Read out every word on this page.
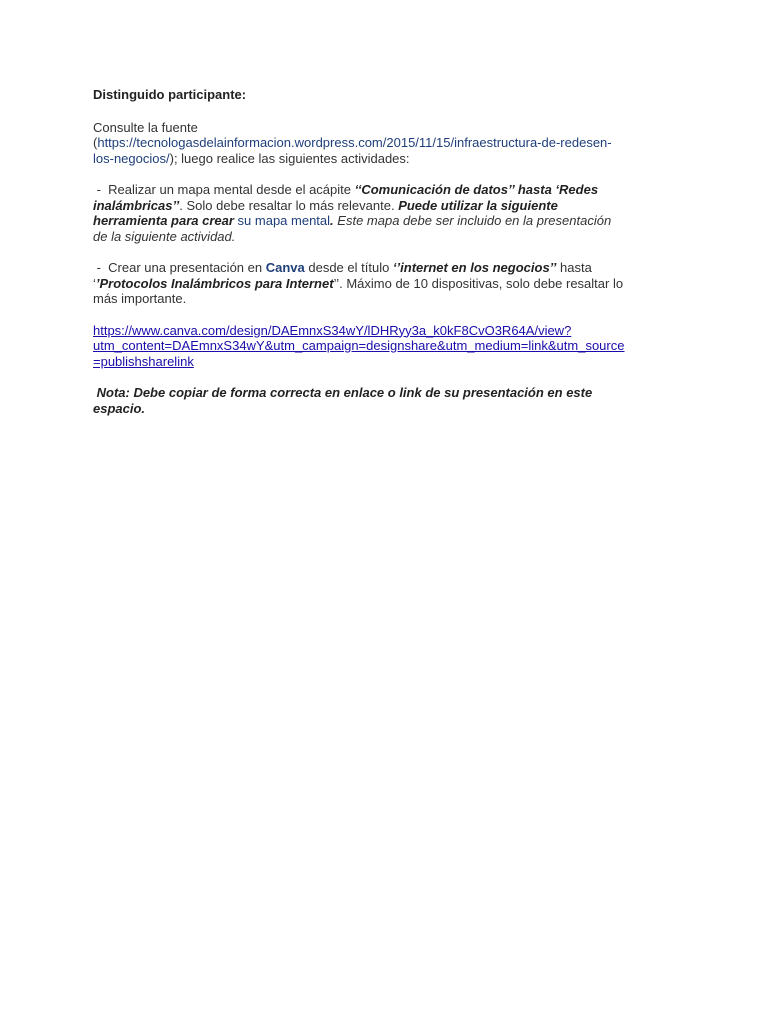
Distinguido participante:
Consulte la fuente
(https://tecnologasdelainformacion.wordpress.com/2015/11/15/infraestructura-de-redesen-
los-negocios/); luego realice las siguientes actividades:
-  Realizar un mapa mental desde el acápite ‘‘Comunicación de datos’’ hasta ‘Redes
inalámbricas’’. Solo debe resaltar lo más relevante. Puede utilizar la siguiente
herramienta para crear su mapa mental. Este mapa debe ser incluido en la presentación
de la siguiente actividad.
-  Crear una presentación en Canva desde el título ‘’internet en los negocios’’ hasta
‘’Protocolos Inalámbricos para Internet’’. Máximo de 10 dispositivas, solo debe resaltar lo
más importante.
https://www.canva.com/design/DAEmnxS34wY/lDHRyy3a_k0kF8CvO3R64A/view?
utm_content=DAEmnxS34wY&utm_campaign=designshare&utm_medium=link&utm_source
=publishsharelink
Nota: Debe copiar de forma correcta en enlace o link de su presentación en este
espacio.
